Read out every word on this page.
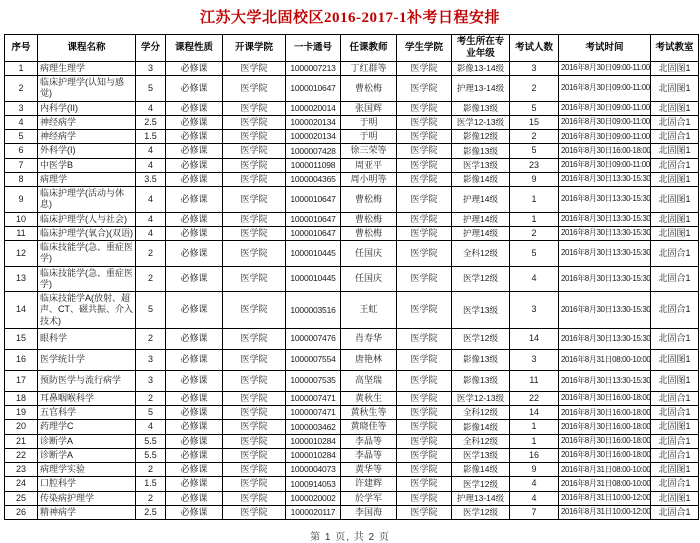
江苏大学北固校区2016-2017-1补考日程安排
序号	课程名称	学分	课程性质	开课学院	一卡通号	任课教师	学生学院	考生所在专业年级	考试人数	考试时间	考试教室
1	病理生理学	3	必修课	医学院	1000007213	丁红群等	医学院	影像13-14级	3	2016年8月30日09:00-11:00	北固图1
2	临床护理学(认知与感觉)	5	必修课	医学院	1000010647	曹松梅	医学院	护理13-14级	2	2016年8月30日09:00-11:00	北固图1
3	内科学(II)	4	必修课	医学院	1000020014	张国辉	医学院	影像13级	5	2016年8月30日09:00-11:00	北固图1
4	神经病学	2.5	必修课	医学院	1000020134	于明	医学院	医学12-13级	15	2016年8月30日09:00-11:00	北固合1
5	神经病学	1.5	必修课	医学院	1000020134	于明	医学院	影像12级	2	2016年8月30日09:00-11:00	北固合1
6	外科学(I)	4	必修课	医学院	1000007428	徐三荣等	医学院	影像13级	5	2016年8月30日16:00-18:00	北固图1
7	中医学B	4	必修课	医学院	1000011098	周亚平	医学院	医学13级	23	2016年8月30日09:00-11:00	北固合1
8	病理学	3.5	必修课	医学院	1000004365	周小明等	医学院	影像14级	9	2016年8月30日13:30-15:30	北固图1
9	临床护理学(活动与休息)	4	必修课	医学院	1000010647	曹松梅	医学院	护理14级	1	2016年8月30日13:30-15:30	北固图1
10	临床护理学(人与社会)	4	必修课	医学院	1000010647	曹松梅	医学院	护理14级	1	2016年8月30日13:30-15:30	北固图1
11	临床护理学(氧合)(双语)	4	必修课	医学院	1000010647	曹松梅	医学院	护理14级	2	2016年8月30日13:30-15:30	北固图1
12	临床技能学(急、重症医学)	2	必修课	医学院	1000010445	任国庆	医学院	全科12级	5	2016年8月30日13:30-15:30	北固合1
13	临床技能学(急、重症医学)	2	必修课	医学院	1000010445	任国庆	医学院	医学12级	4	2016年8月30日13:30-15:30	北固合1
14	临床技能学A(放射、超声、CT、磁共振、介入技术)	5	必修课	医学院	1000003516	王虹	医学院	医学13级	3	2016年8月30日13:30-15:30	北固合1
15	眼科学	2	必修课	医学院	1000007476	肖寿华	医学院	医学12级	14	2016年8月30日13:30-15:30	北固合1
16	医学统计学	3	必修课	医学院	1000007554	唐艳林	医学院	影像13级	3	2016年8月31日08:00-10:00	北固图1
17	预防医学与流行病学	3	必修课	医学院	1000007535	高坚瑞	医学院	影像13级	11	2016年8月30日13:30-15:30	北固图1
18	耳鼻咽喉科学	2	必修课	医学院	1000007471	黄秋生	医学院	医学12-13级	22	2016年8月30日16:00-18:00	北固合1
19	五官科学	5	必修课	医学院	1000007471	黄秋生等	医学院	全科12级	14	2016年8月30日16:00-18:00	北固合1
20	药理学C	4	必修课	医学院	1000003462	黄晓佳等	医学院	影像14级	1	2016年8月30日16:00-18:00	北固图1
21	诊断学A	5.5	必修课	医学院	1000010284	李晶等	医学院	全科12级	1	2016年8月30日16:00-18:00	北固合1
22	诊断学A	5.5	必修课	医学院	1000010284	李晶等	医学院	医学13级	16	2016年8月30日16:00-18:00	北固合1
23	病理学实验	2	必修课	医学院	1000004073	黄华等	医学院	影像14级	9	2016年8月31日08:00-10:00	北固图1
24	口腔科学	1.5	必修课	医学院	1000914053	许建辉	医学院	医学12级	4	2016年8月31日08:00-10:00	北固合1
25	传染病护理学	2	必修课	医学院	1000020002	於学军	医学院	护理13-14级	4	2016年8月31日10:00-12:00	北固图1
26	精神病学	2.5	必修课	医学院	1000020117	李国海	医学院	医学12级	7	2016年8月31日10:00-12:00	北固合1
第 1 页, 共 2 页
